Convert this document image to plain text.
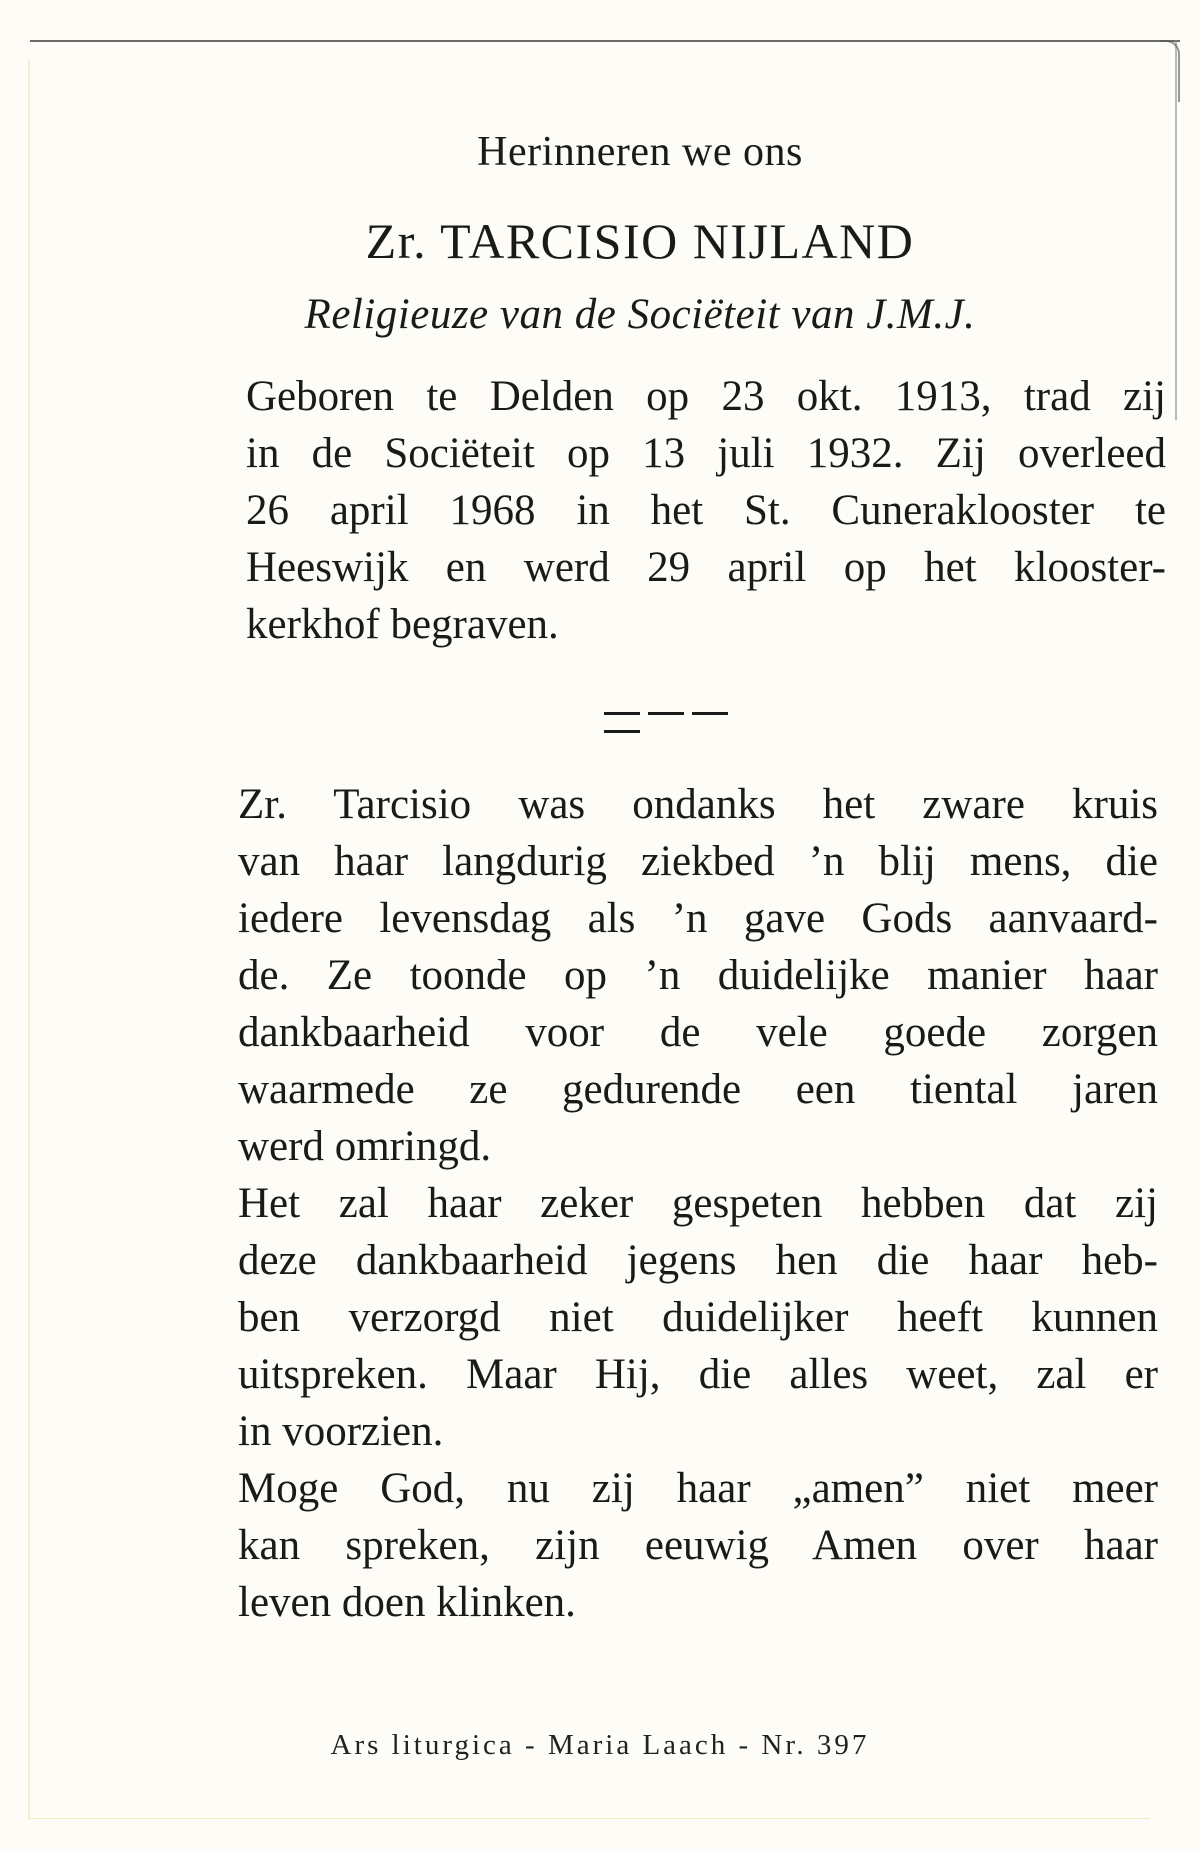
Herinneren we ons

Zr. TARCISIO NIJLAND

Religieuze van de Sociëteit van J.M.J.

Geboren te Delden op 23 okt. 1913, trad zij
in de Sociëteit op 13 juli 1932. Zij overleed
26 april 1968 in het St. Cuneraklooster te
Heeswijk en werd 29 april op het klooster-
kerkhof begraven.
Zr. Tarcisio was ondanks het zware kruis
van haar langdurig ziekbed ’n blij mens, die
iedere levensdag als ’n gave Gods aanvaard-
de. Ze toonde op ’n duidelijke manier haar
dankbaarheid voor de vele goede zorgen
waarmede ze gedurende een tiental jaren
werd omringd.
Het zal haar zeker gespeten hebben dat zij
deze dankbaarheid jegens hen die haar heb-
ben verzorgd niet duidelijker heeft kunnen
uitspreken. Maar Hij, die alles weet, zal er
in voorzien.
Moge God, nu zij haar „amen” niet meer
kan spreken, zijn eeuwig Amen over haar
leven doen klinken.

Ars liturgica - Maria Laach - Nr. 397
